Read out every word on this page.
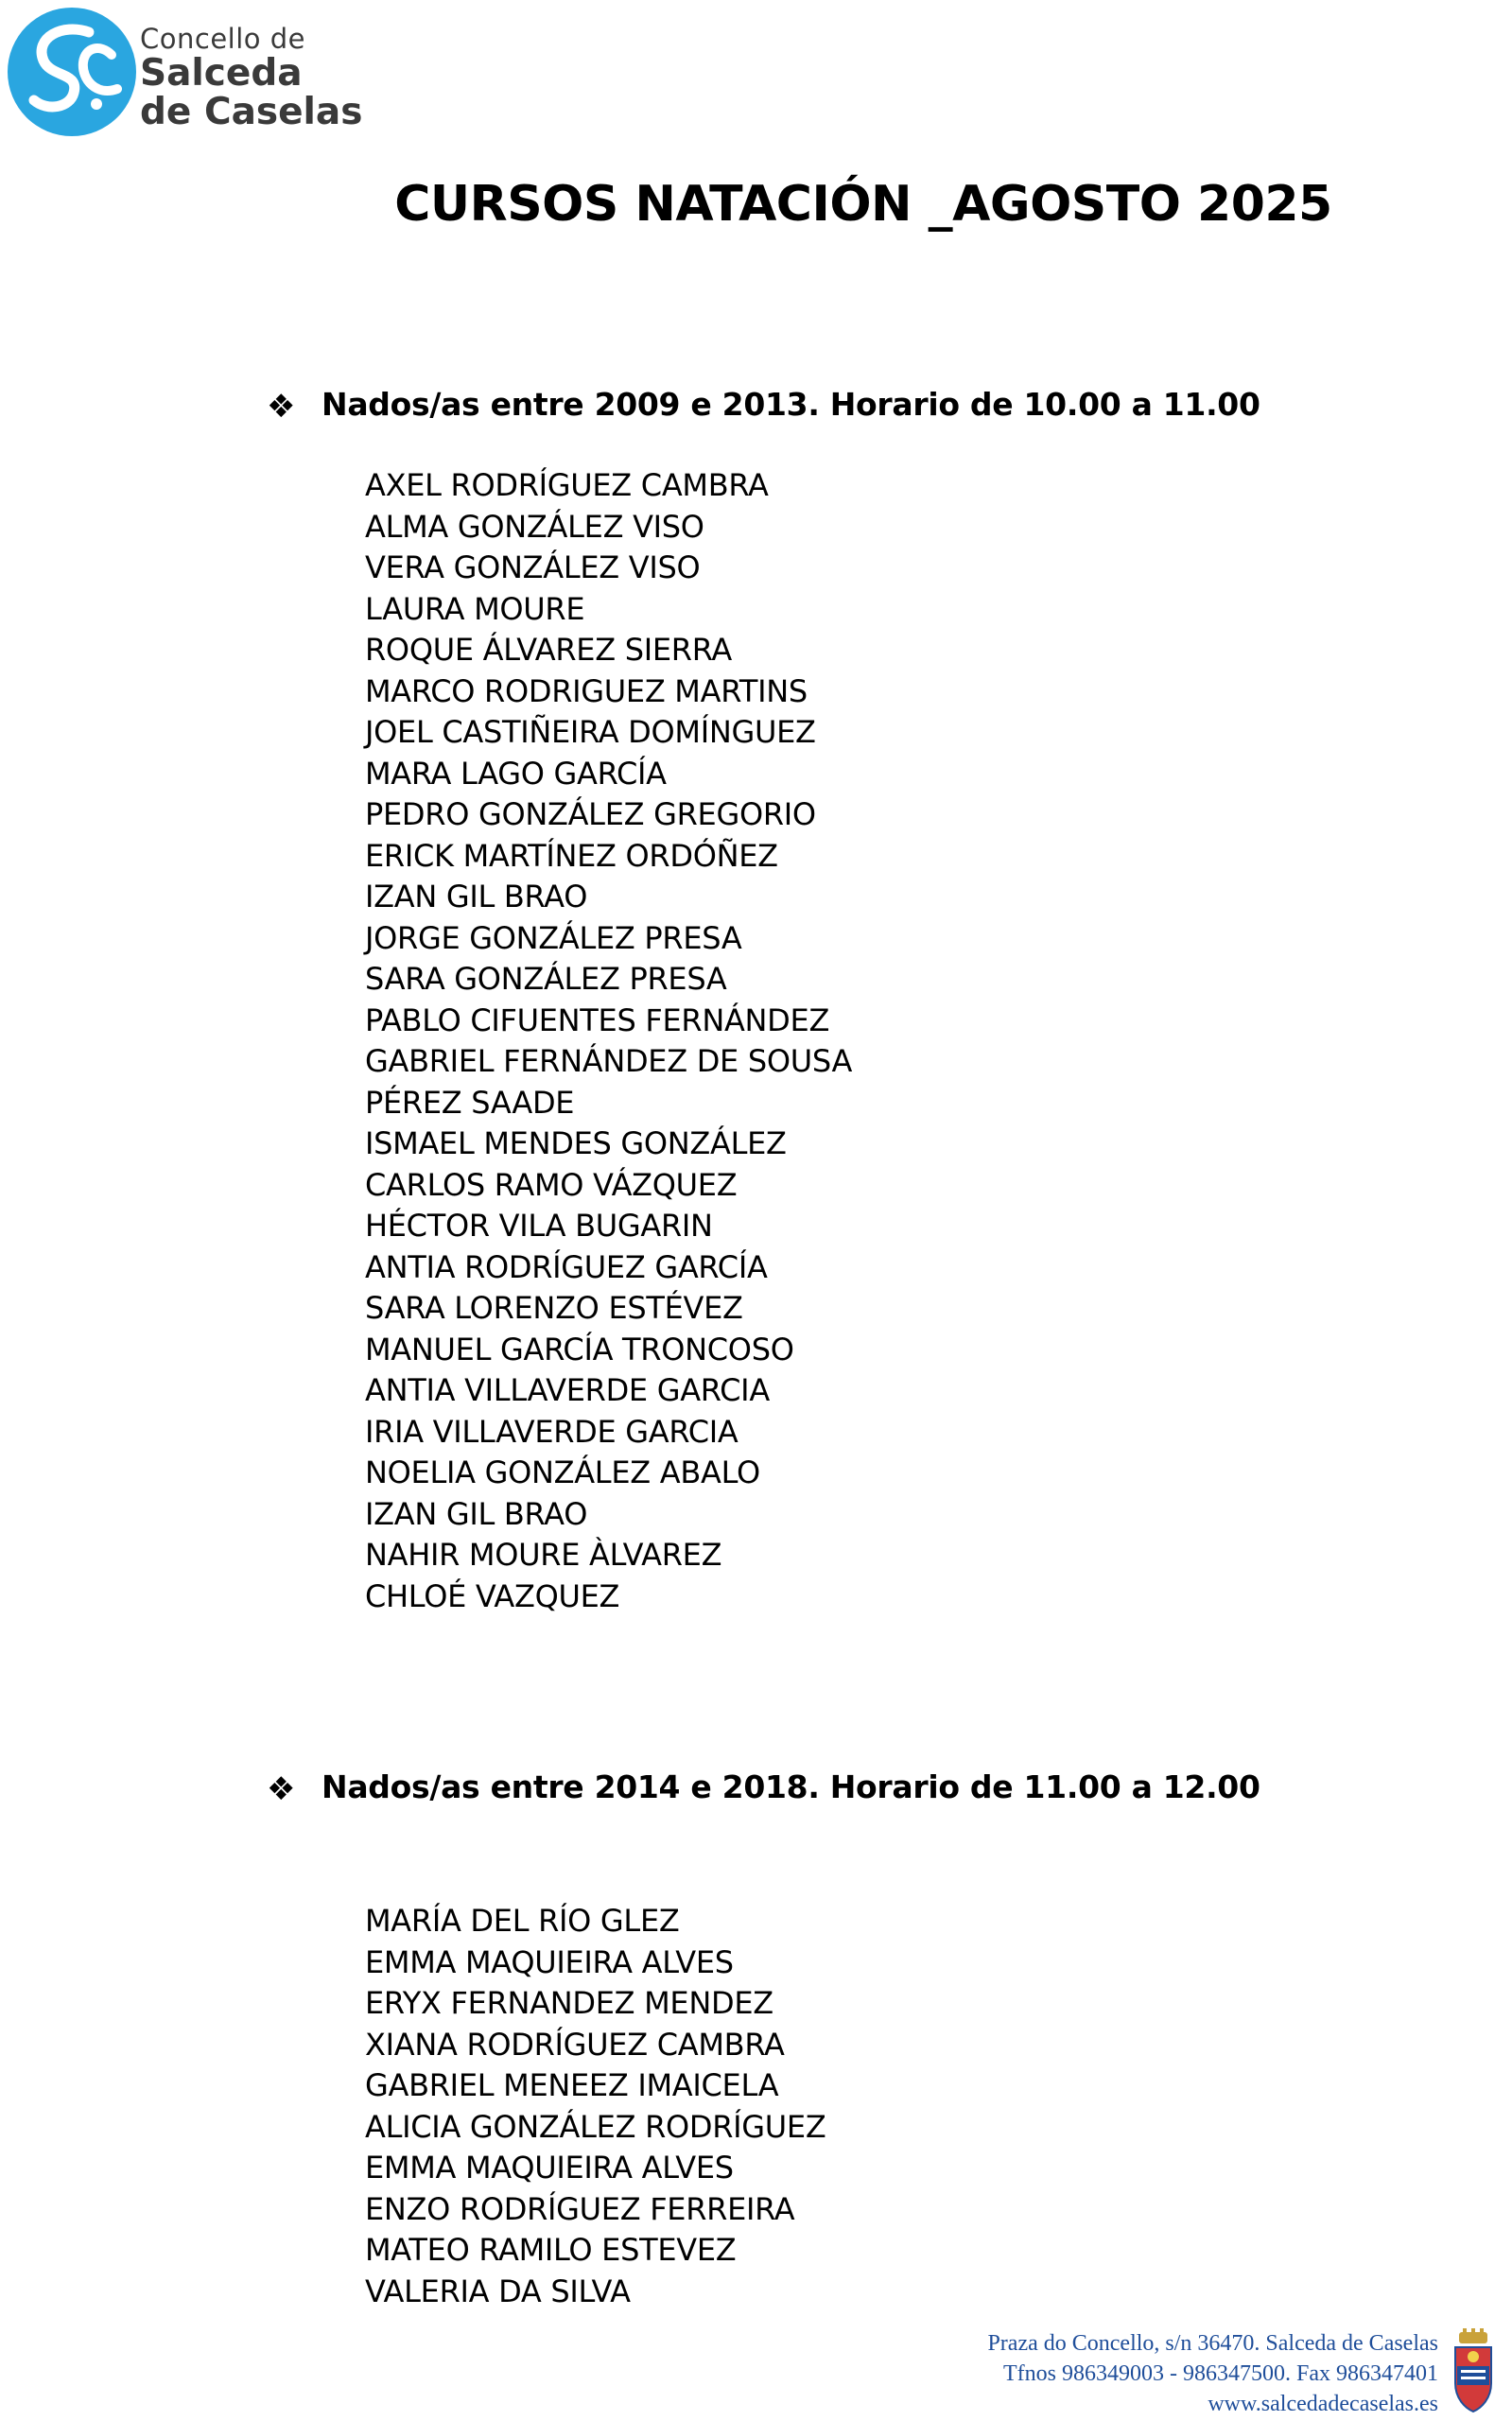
Concello de
Salceda
de Caselas
CURSOS NATACIÓN _AGOSTO 2025
❖ Nados/as entre 2009 e 2013. Horario de 10.00 a 11.00
AXEL RODRÍGUEZ CAMBRA
ALMA GONZÁLEZ VISO
VERA GONZÁLEZ VISO
LAURA MOURE
ROQUE ÁLVAREZ SIERRA
MARCO RODRIGUEZ MARTINS
JOEL CASTIÑEIRA DOMÍNGUEZ
MARA LAGO GARCÍA
PEDRO GONZÁLEZ GREGORIO
ERICK MARTÍNEZ ORDÓÑEZ
IZAN GIL BRAO
JORGE GONZÁLEZ PRESA
SARA GONZÁLEZ PRESA
PABLO CIFUENTES FERNÁNDEZ
GABRIEL FERNÁNDEZ DE SOUSA
PÉREZ SAADE
ISMAEL MENDES GONZÁLEZ
CARLOS RAMO VÁZQUEZ
HÉCTOR VILA BUGARIN
ANTIA RODRÍGUEZ GARCÍA
SARA LORENZO ESTÉVEZ
MANUEL GARCÍA TRONCOSO
ANTIA VILLAVERDE GARCIA
IRIA VILLAVERDE GARCIA
NOELIA GONZÁLEZ ABALO
IZAN GIL BRAO
NAHIR MOURE ÀLVAREZ
CHLOÉ VAZQUEZ
❖ Nados/as entre 2014 e 2018. Horario de 11.00 a 12.00
MARÍA DEL RÍO GLEZ
EMMA MAQUIEIRA ALVES
ERYX FERNANDEZ MENDEZ
XIANA RODRÍGUEZ CAMBRA
GABRIEL MENEEZ IMAICELA
ALICIA GONZÁLEZ RODRÍGUEZ
EMMA MAQUIEIRA ALVES
ENZO RODRÍGUEZ FERREIRA
MATEO RAMILO ESTEVEZ
VALERIA DA SILVA
Praza do Concello, s/n 36470. Salceda de Caselas
Tfnos 986349003 - 986347500. Fax 986347401
www.salcedadecaselas.es
